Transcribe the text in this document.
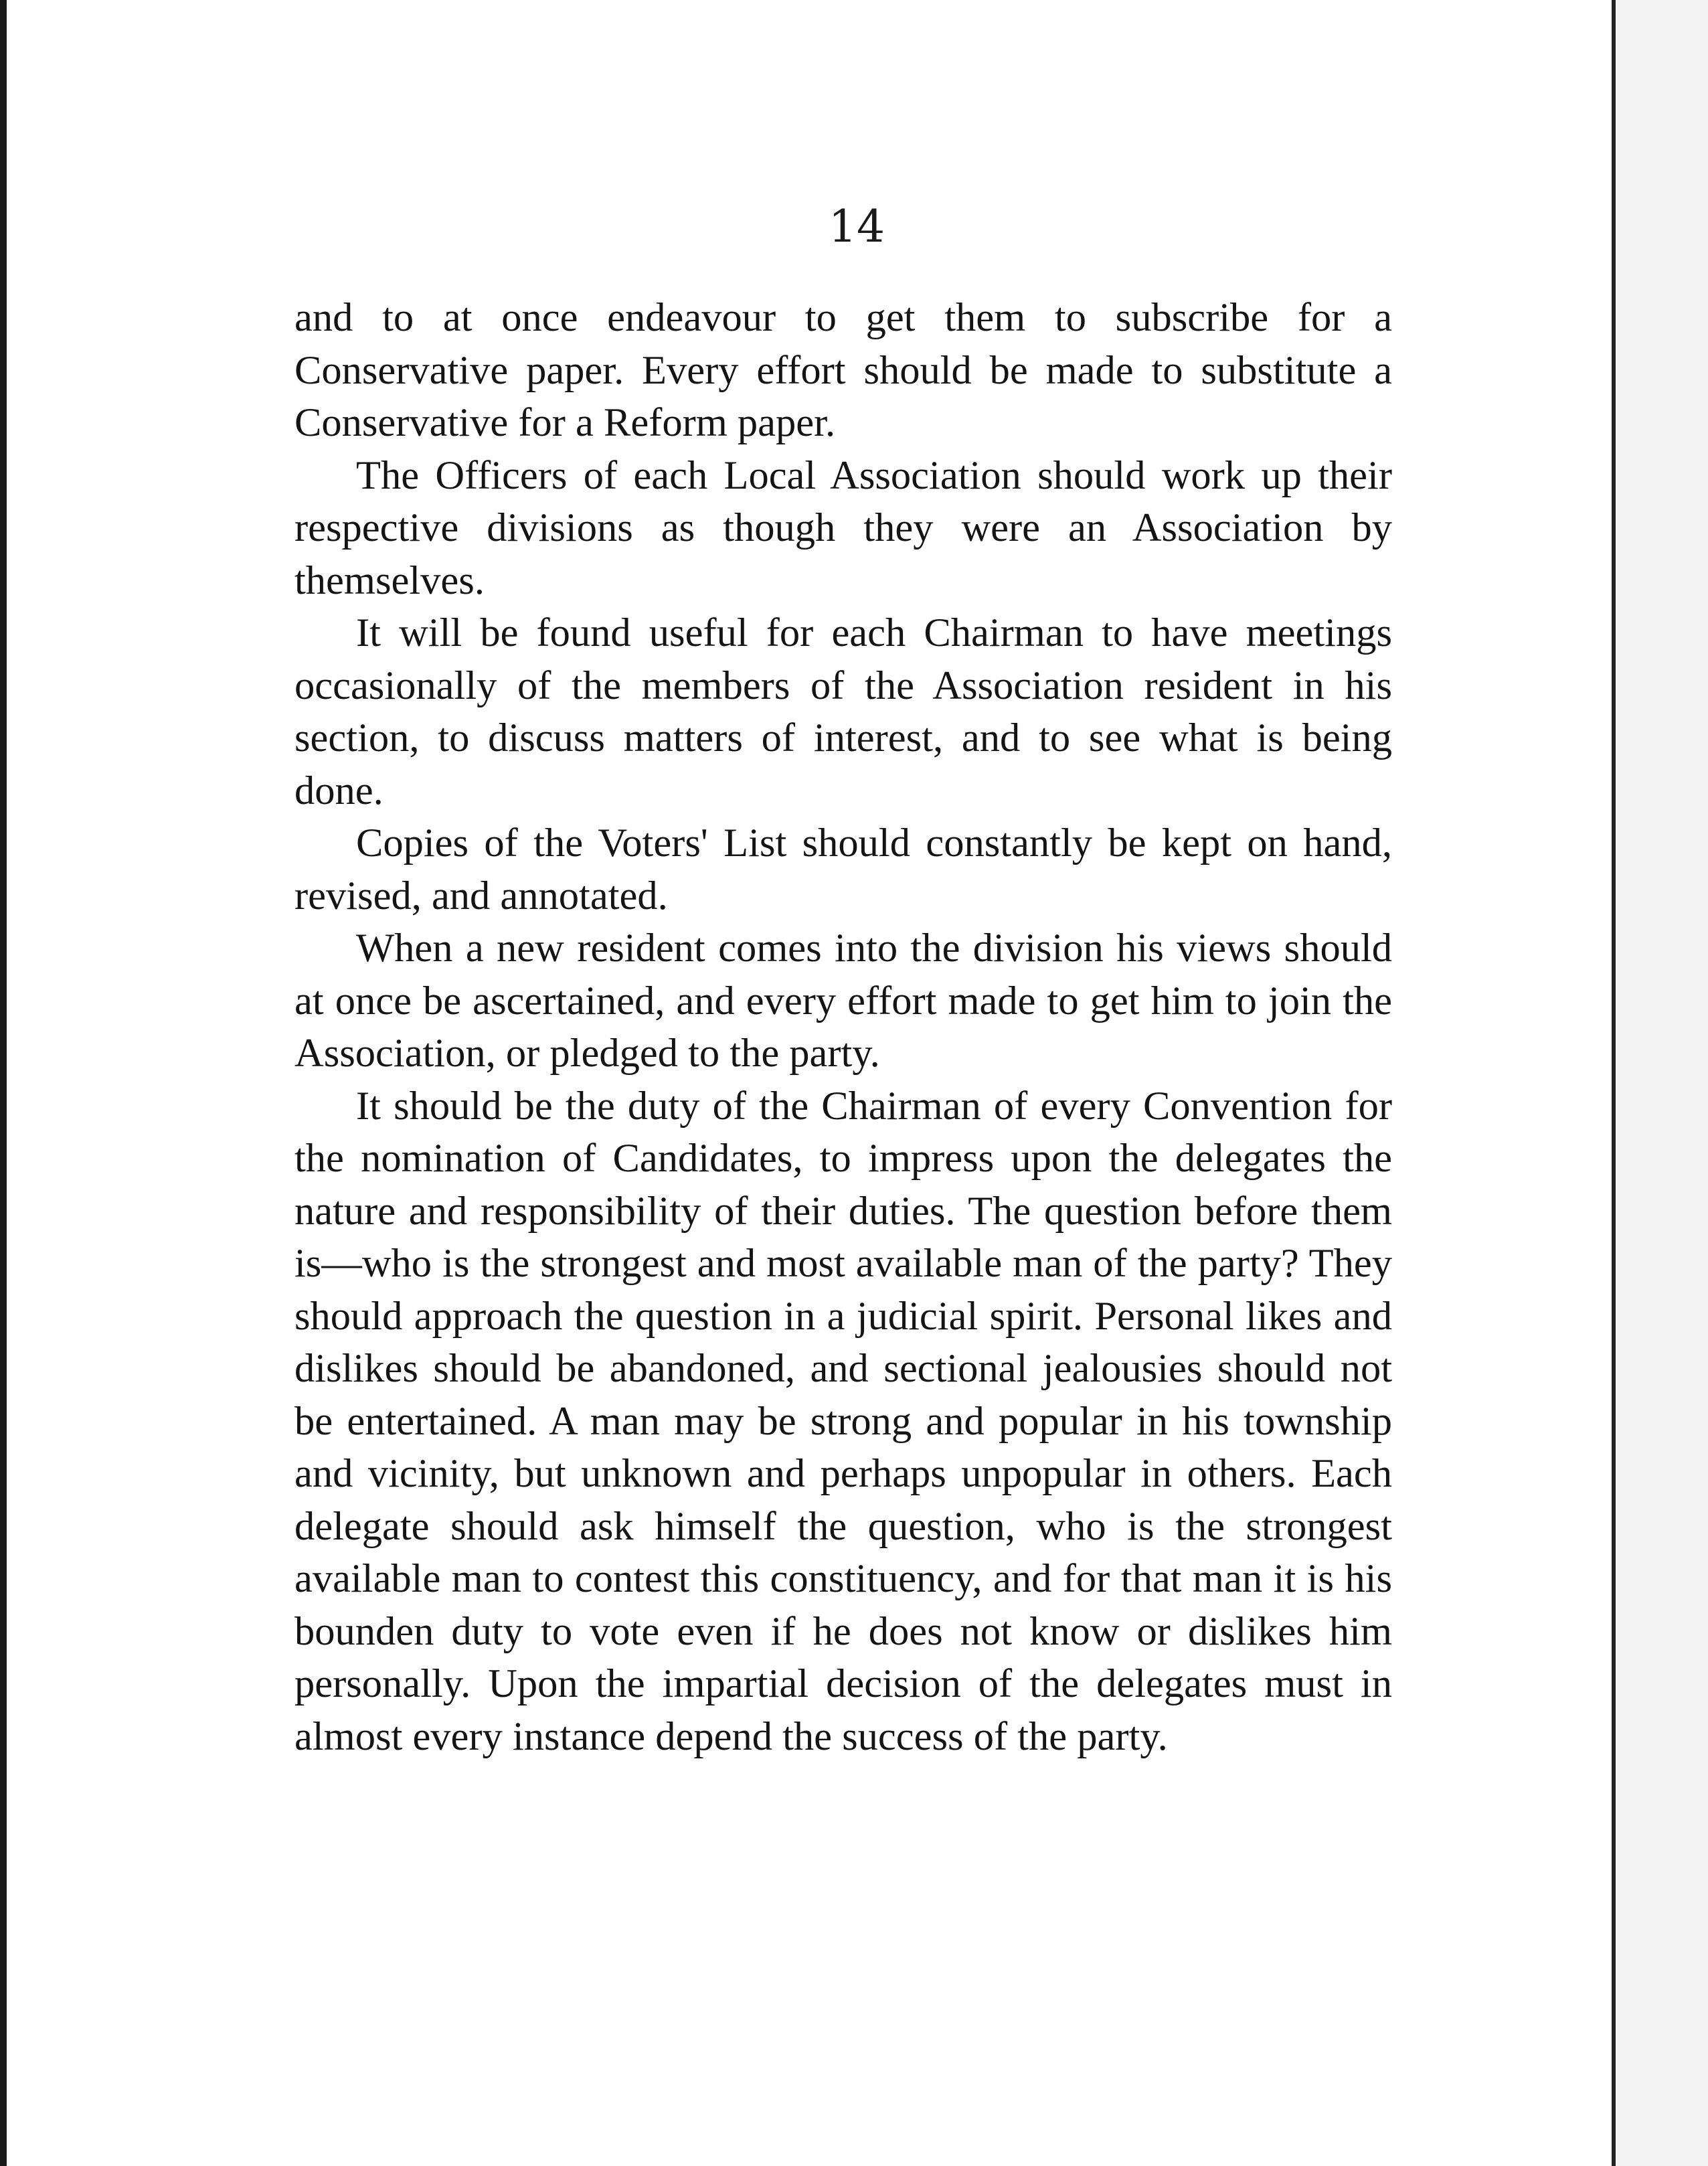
14

and to at once endeavour to get them to subscribe for a Conservative paper. Every effort should be made to substitute a Conservative for a Reform paper.

The Officers of each Local Association should work up their respective divisions as though they were an Association by themselves.

It will be found useful for each Chairman to have meetings occasionally of the members of the Association resident in his section, to discuss matters of interest, and to see what is being done.

Copies of the Voters' List should constantly be kept on hand, revised, and annotated.

When a new resident comes into the division his views should at once be ascertained, and every effort made to get him to join the Association, or pledged to the party.

It should be the duty of the Chairman of every Convention for the nomination of Candidates, to impress upon the delegates the nature and responsibility of their duties. The question before them is—who is the strongest and most available man of the party? They should approach the question in a judicial spirit. Personal likes and dislikes should be abandoned, and sectional jealousies should not be entertained. A man may be strong and popular in his township and vicinity, but unknown and perhaps unpopular in others. Each delegate should ask himself the question, who is the strongest available man to contest this constituency, and for that man it is his bounden duty to vote even if he does not know or dislikes him personally. Upon the impartial decision of the delegates must in almost every instance depend the success of the party.
